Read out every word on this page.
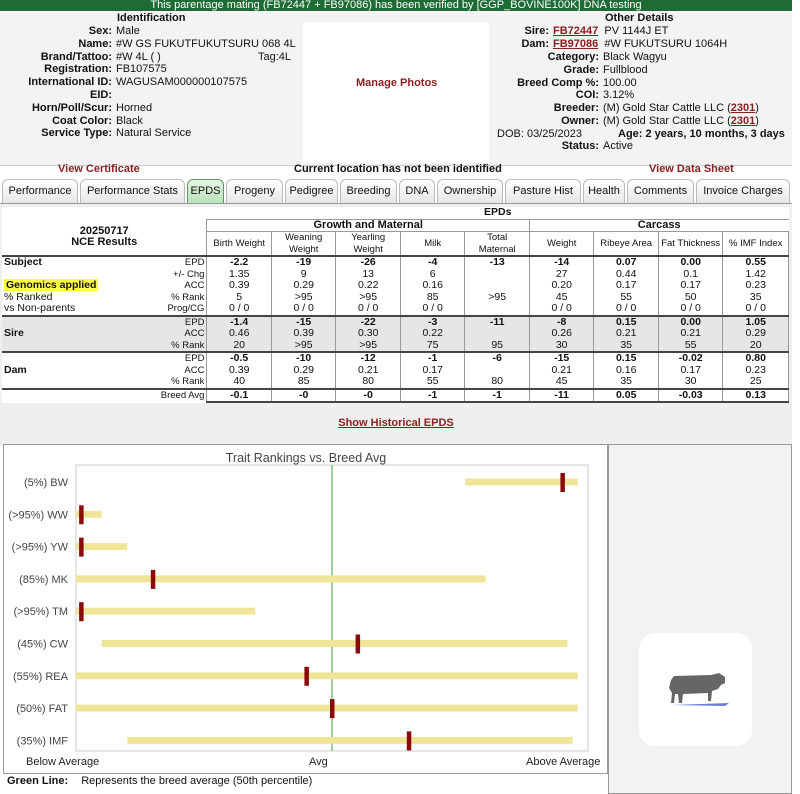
This parentage mating (FB72447 + FB97086) has been verified by [GGP_BOVINE100K] DNA testing
Identification
Sex: Male
Name: #W GS FUKUTFUKUTSURU 068 4L
Brand/Tattoo: #W 4L ( )	Tag:4L
Registration: FB107575
International ID: WAGUSAM000000107575
EID:
Horn/Poll/Scur: Horned
Coat Color: Black
Service Type: Natural Service
Manage Photos
Other Details
Sire: FB72447 PV 1144J ET
Dam: FB97086 #W FUKUTSURU 1064H
Category: Black Wagyu
Grade: Fullblood
Breed Comp %: 100.00
COI: 3.12%
Breeder: (M) Gold Star Cattle LLC (2301)
Owner: (M) Gold Star Cattle LLC (2301)
DOB: 03/25/2023	Age: 2 years, 10 months, 3 days
Status: Active
View Certificate	Current location has not been identified	View Data Sheet
Performance	Performance Stats	EPDS	Progeny	Pedigree	Breeding	DNA	Ownership	Pasture Hist	Health	Comments	Invoice Charges
		EPDs								

20250717
NCE Results		Growth and Maternal					Carcass			
		Birth Weight	Weaning Weight	Yearling Weight	Milk	Total Maternal	Weight	Ribeye Area	Fat Thickness	% IMF Index
Subject	EPD	-2.2	-19	-26	-4	-13	-14	0.07	0.00	0.55
	+/- Chg	1.35	9	13	6		27	0.44	0.1	1.42
Genomics applied	ACC	0.39	0.29	0.22	0.16		0.20	0.17	0.17	0.23
% Ranked	% Rank	5	>95	>95	85	>95	45	55	50	35
vs Non-parents	Prog/CG	0 / 0	0 / 0	0 / 0	0 / 0		0 / 0	0 / 0	0 / 0	0 / 0
	EPD	-1.4	-15	-22	-3	-11	-8	0.15	0.00	1.05
Sire	ACC	0.46	0.39	0.30	0.22		0.26	0.21	0.21	0.29
	% Rank	20	>95	>95	75	95	30	35	55	20
	EPD	-0.5	-10	-12	-1	-6	-15	0.15	-0.02	0.80
Dam	ACC	0.39	0.29	0.21	0.17		0.21	0.16	0.17	0.23
	% Rank	40	85	80	55	80	45	35	30	25
	Breed Avg	-0.1	-0	-0	-1	-1	-11	0.05	-0.03	0.13
Show Historical EPDS
Trait Rankings vs. Breed Avg
(5%) BW
(>95%) WW
(>95%) YW
(85%) MK
(>95%) TM
(45%) CW
(55%) REA
(50%) FAT
(35%) IMF
Below Average	Avg	Above Average
Green Line: Represents the breed average (50th percentile)
